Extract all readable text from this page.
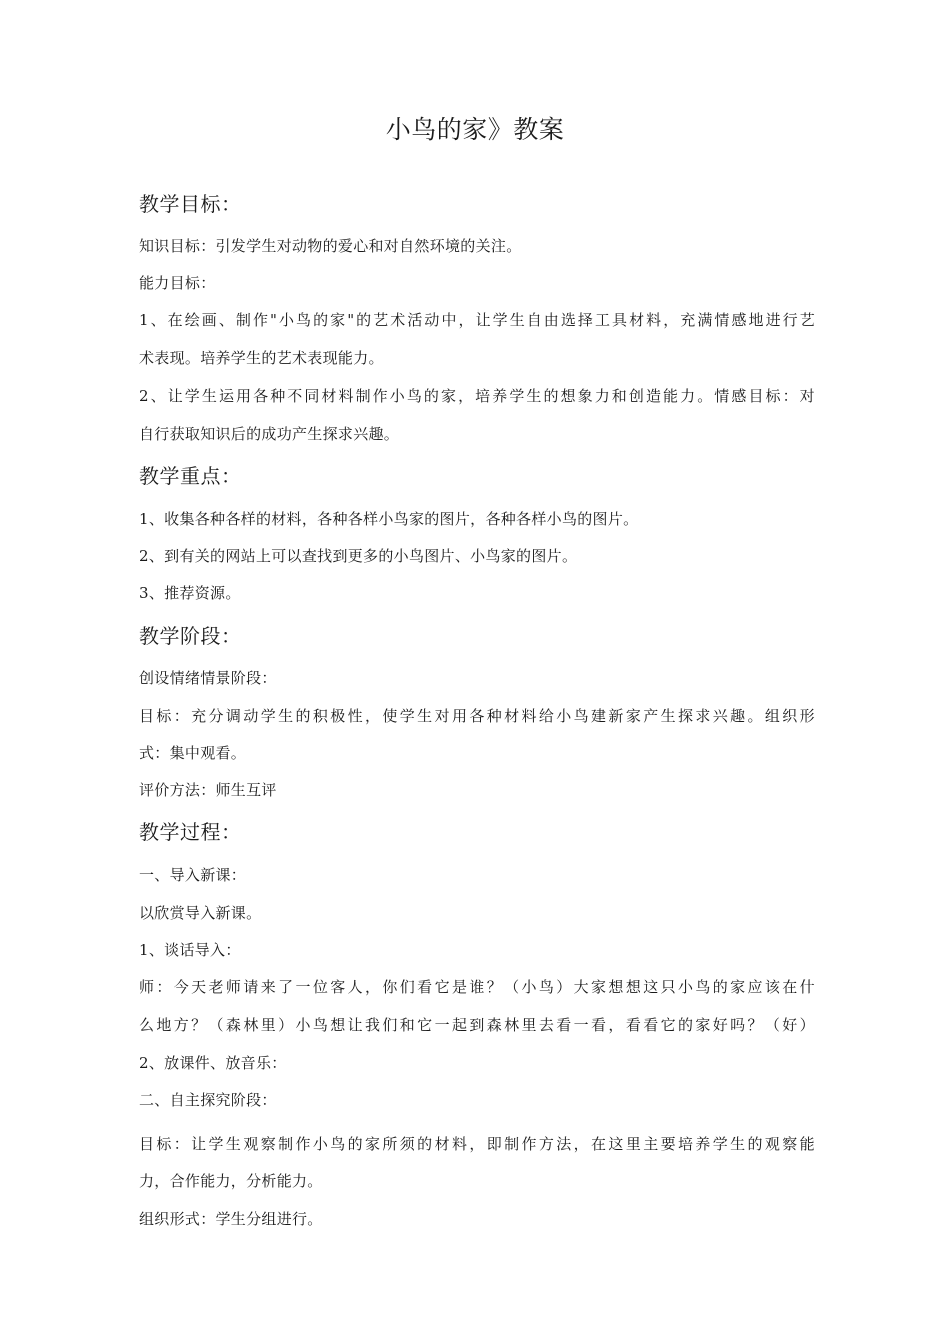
小鸟的家》教案
教学目标：
知识目标：引发学生对动物的爱心和对自然环境的关注。
能力目标：
1、在绘画、制作"小鸟的家"的艺术活动中，让学生自由选择工具材料，充满情感地进行艺
术表现。培养学生的艺术表现能力。
2、让学生运用各种不同材料制作小鸟的家，培养学生的想象力和创造能力。情感目标：对
自行获取知识后的成功产生探求兴趣。
教学重点：
1、收集各种各样的材料，各种各样小鸟家的图片，各种各样小鸟的图片。
2、到有关的网站上可以查找到更多的小鸟图片、小鸟家的图片。
3、推荐资源。
教学阶段：
创设情绪情景阶段：
目标：充分调动学生的积极性，使学生对用各种材料给小鸟建新家产生探求兴趣。组织形
式：集中观看。
评价方法：师生互评
教学过程：
一、导入新课：
以欣赏导入新课。
1、谈话导入：
师：今天老师请来了一位客人，你们看它是谁？（小鸟）大家想想这只小鸟的家应该在什
么地方？（森林里）小鸟想让我们和它一起到森林里去看一看，看看它的家好吗？（好）
2、放课件、放音乐：
二、自主探究阶段：
目标：让学生观察制作小鸟的家所须的材料，即制作方法，在这里主要培养学生的观察能
力，合作能力，分析能力。
组织形式：学生分组进行。
